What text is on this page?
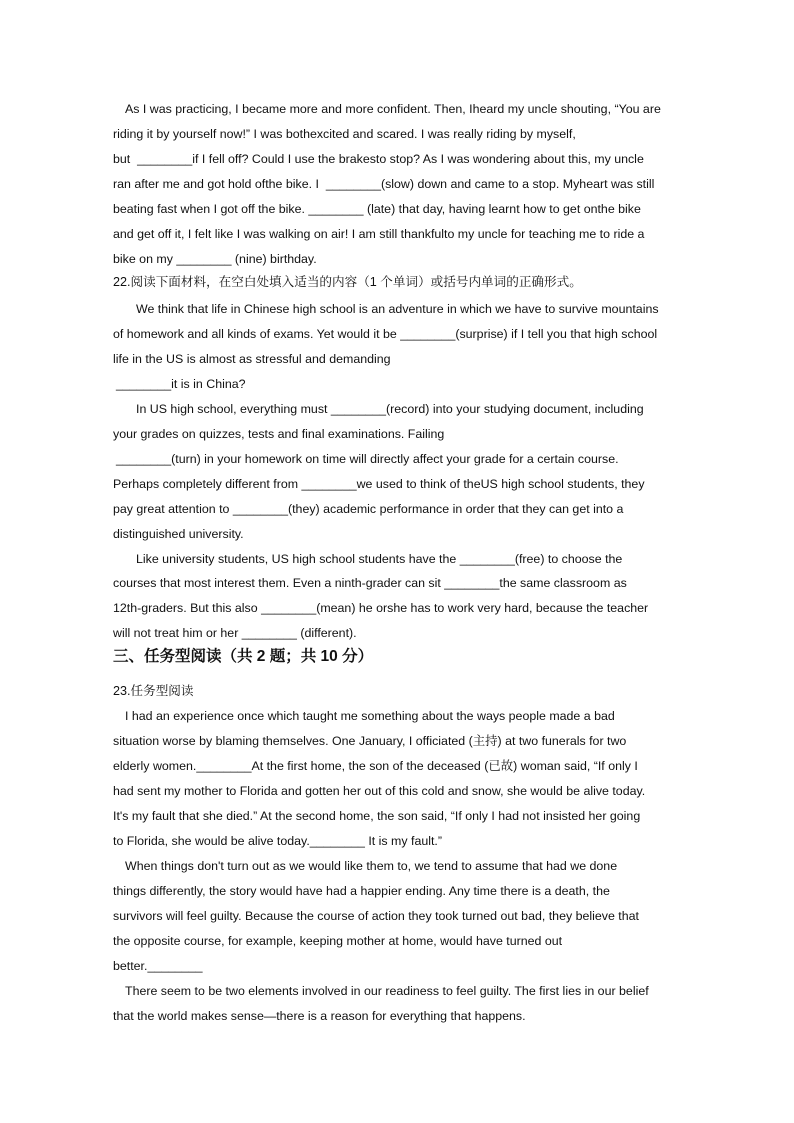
As I was practicing, I became more and more confident. Then, Iheard my uncle shouting, “You are
riding it by yourself now!” I was bothexcited and scared. I was really riding by myself,
but  ________if I fell off? Could I use the brakesto stop? As I was wondering about this, my uncle
ran after me and got hold ofthe bike. I  ________(slow) down and came to a stop. Myheart was still
beating fast when I got off the bike. ________ (late) that day, having learnt how to get onthe bike
and get off it, I felt like I was walking on air! I am still thankfulto my uncle for teaching me to ride a
bike on my ________ (nine) birthday.
22.阅读下面材料，在空白处填入适当的内容（1 个单词）或括号内单词的正确形式。
We think that life in Chinese high school is an adventure in which we have to survive mountains
of homework and all kinds of exams. Yet would it be ________(surprise) if I tell you that high school
life in the US is almost as stressful and demanding
________it is in China?
In US high school, everything must ________(record) into your studying document, including
your grades on quizzes, tests and final examinations. Failing
________(turn) in your homework on time will directly affect your grade for a certain course.
Perhaps completely different from ________we used to think of theUS high school students, they
pay great attention to ________(they) academic performance in order that they can get into a
distinguished university.
Like university students, US high school students have the ________(free) to choose the
courses that most interest them. Even a ninth-grader can sit ________the same classroom as
12th-graders. But this also ________(mean) he orshe has to work very hard, because the teacher
will not treat him or her ________ (different).
三、任务型阅读（共 2 题；共 10 分）
23.任务型阅读
I had an experience once which taught me something about the ways people made a bad
situation worse by blaming themselves. One January, I officiated (主持) at two funerals for two
elderly women.________At the first home, the son of the deceased (已故) woman said, “If only I
had sent my mother to Florida and gotten her out of this cold and snow, she would be alive today.
It's my fault that she died.” At the second home, the son said, “If only I had not insisted her going
to Florida, she would be alive today.________ It is my fault.”
When things don't turn out as we would like them to, we tend to assume that had we done
things differently, the story would have had a happier ending. Any time there is a death, the
survivors will feel guilty. Because the course of action they took turned out bad, they believe that
the opposite course, for example, keeping mother at home, would have turned out
better.________
There seem to be two elements involved in our readiness to feel guilty. The first lies in our belief
that the world makes sense—there is a reason for everything that happens.
